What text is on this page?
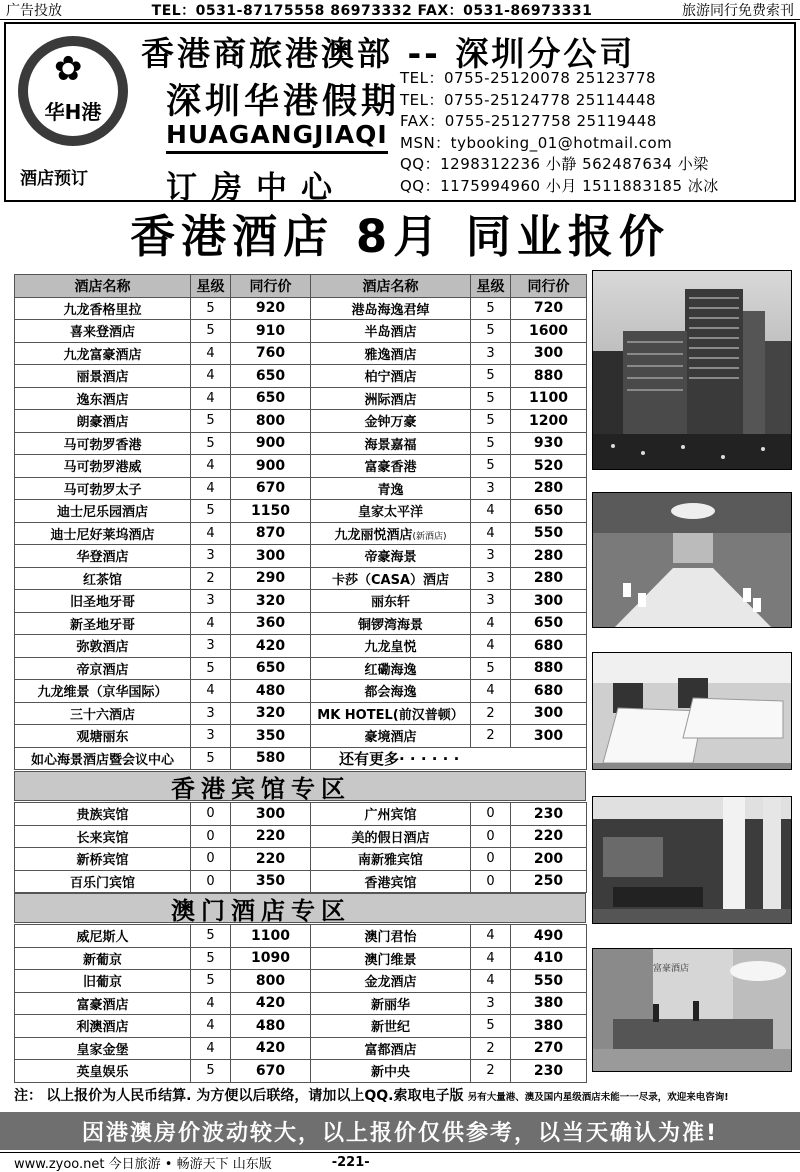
广告投放	TEL：0531-87175558 86973332 FAX：0531-86973331	旅游同行免费索刊
✿
华H港
酒店预订
香港商旅港澳部 -- 深圳分公司
深圳华港假期
HUAGANGJIAQI
订房中心
TEL：0755-25120078 25123778
TEL：0755-25124778 25114448
FAX：0755-25127758 25119448
MSN：tybooking_01@hotmail.com
QQ：1298312236 小静 562487634 小梁
QQ：1175994960 小月 1511883185 冰冰
香港酒店 8月 同业报价
酒店名称	星级	同行价	酒店名称	星级	同行价
九龙香格里拉	5	920	港岛海逸君绰	5	720
喜来登酒店	5	910	半岛酒店	5	1600
九龙富豪酒店	4	760	雅逸酒店	3	300
丽景酒店	4	650	柏宁酒店	5	880
逸东酒店	4	650	洲际酒店	5	1100
朗豪酒店	5	800	金钟万豪	5	1200
马可勃罗香港	5	900	海景嘉福	5	930
马可勃罗港威	4	900	富豪香港	5	520
马可勃罗太子	4	670	青逸	3	280
迪士尼乐园酒店	5	1150	皇家太平洋	4	650
迪士尼好莱坞酒店	4	870	九龙丽悦酒店(新酒店)	4	550
华登酒店	3	300	帝豪海景	3	280
红茶馆	2	290	卡莎（CASA）酒店	3	280
旧圣地牙哥	3	320	丽东轩	3	300
新圣地牙哥	4	360	铜锣湾海景	4	650
弥敦酒店	3	420	九龙皇悦	4	680
帝京酒店	5	650	红磡海逸	5	880
九龙维景（京华国际）	4	480	都会海逸	4	680
三十六酒店	3	320	MK HOTEL(前汉普顿）	2	300
观塘丽东	3	350	豪境酒店	2	300
如心海景酒店暨会议中心	5	580	还有更多· · · · · ·		
香港宾馆专区
贵族宾馆	0	300	广州宾馆	0	230
长来宾馆	0	220	美的假日酒店	0	220
新桥宾馆	0	220	南新雅宾馆	0	200
百乐门宾馆	0	350	香港宾馆	0	250
澳门酒店专区
威尼斯人	5	1100	澳门君怡	4	490
新葡京	5	1090	澳门维景	4	410
旧葡京	5	800	金龙酒店	4	550
富豪酒店	4	420	新丽华	3	380
利澳酒店	4	480	新世纪	5	380
皇家金堡	4	420	富都酒店	2	270
英皇娱乐	5	670	新中央	2	230
富豪酒店
注： 以上报价为人民币结算. 为方便以后联络，请加以上QQ.索取电子版 另有大量港、澳及国内星级酒店未能一一尽录，欢迎来电咨询!
因港澳房价波动较大，以上报价仅供参考，以当天确认为准!
www.zyoo.net 今日旅游 • 畅游天下 山东版	-221-
